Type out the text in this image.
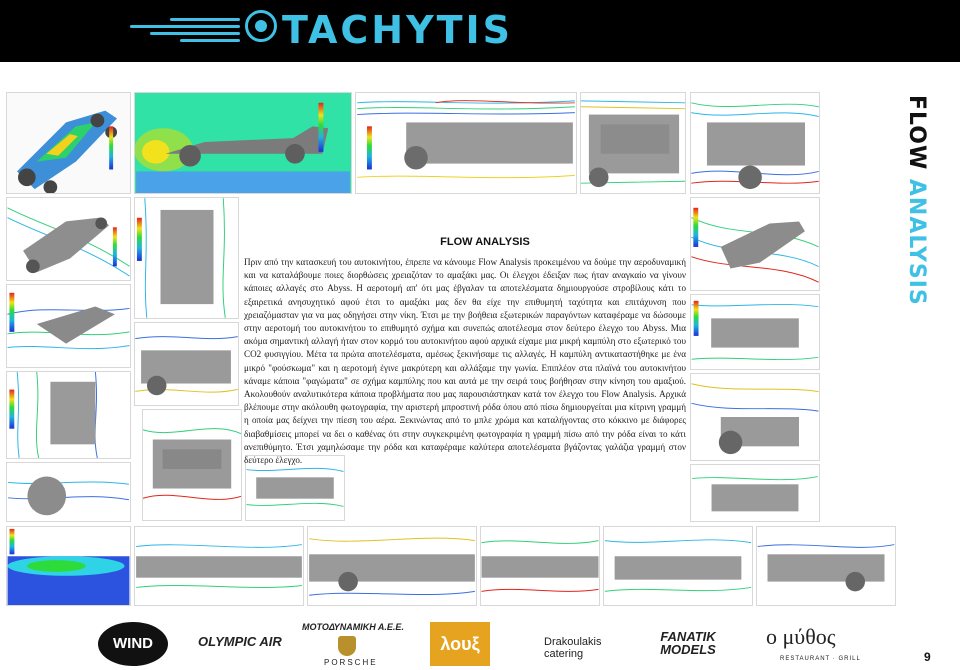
TACHYTIS
FLOW ANALYSIS
FLOW ANALYSIS
Πριν από την κατασκευή του αυτοκινήτου, έπρεπε να κάνουμε Flow Analysis προκειμένου να δούμε την αεροδυναμική και να καταλάβουμε ποιες διορθώσεις χρειαζόταν το αμαξάκι μας. Οι έλεγχοι έδειξαν πως ήταν αναγκαίο να γίνουν κάποιες αλλαγές στο Abyss. Η αεροτομή απ' ότι μας έβγαλαν τα αποτελέσματα δημιουργούσε στροβίλους κάτι το εξαιρετικά ανησυχητικό αφού έτσι το αμαξάκι μας δεν θα είχε την επιθυμητή ταχύτητα και επιτάχυνση που χρειαζόμασταν για να μας οδηγήσει στην νίκη. Έτσι με την βοήθεια εξωτερικών παραγόντων καταφέραμε να δώσουμε στην αεροτομή του αυτοκινήτου το επιθυμητό σχήμα και συνεπώς αποτέλεσμα στον δεύτερο έλεγχο του Abyss. Μια ακόμα σημαντική αλλαγή ήταν στον κορμό του αυτοκινήτου αφού αρχικά είχαμε μια μικρή καμπύλη στο εξωτερικό του CO2 φυσιγγίου. Μέτα τα πρώτα αποτελέσματα, αμέσως ξεκινήσαμε τις αλλαγές. Η καμπύλη αντικαταστήθηκε με ένα μικρό "φούσκωμα" και η αεροτομή έγινε μακρύτερη και αλλάξαμε την γωνία. Επιπλέον στα πλαϊνά του αυτοκινήτου κάναμε κάποια "φαγώματα" σε σχήμα καμπύλης που και αυτά με την σειρά τους βοήθησαν στην κίνηση του αμαξιού. Ακολουθούν αναλυτικότερα κάποια προβλήματα που μας παρουσιάστηκαν κατά τον έλεγχο του Flow Analysis. Αρχικά βλέπουμε στην ακόλουθη φωτογραφία, την αριστερή μπροστινή ρόδα όπου από πίσω δημιουργείται μια κίτρινη γραμμή η οποία μας δείχνει την πίεση του αέρα. Ξεκινώντας από το μπλε χρώμα και καταλήγοντας στο κόκκινο με διάφορες διαβαθμίσεις μπορεί να δει ο καθένας ότι στην συγκεκριμένη φωτογραφία η γραμμή πίσω από την ρόδα είναι το κάτι ανεπιθύμητο. Έτσι χαμηλώσαμε την ρόδα και καταφέραμε καλύτερα αποτελέσματα βγάζοντας γαλάζια γραμμή στον δεύτερο έλεγχο.
WIND	OLYMPIC AIR
ΜΟΤΟΔΥΝΑΜΙΚΗ Α.Ε.Ε.
PORSCHE
λουξ	Drakoulakis catering
FANATIK MODELS
ο μύθος
RESTAURANT · GRILL	9
